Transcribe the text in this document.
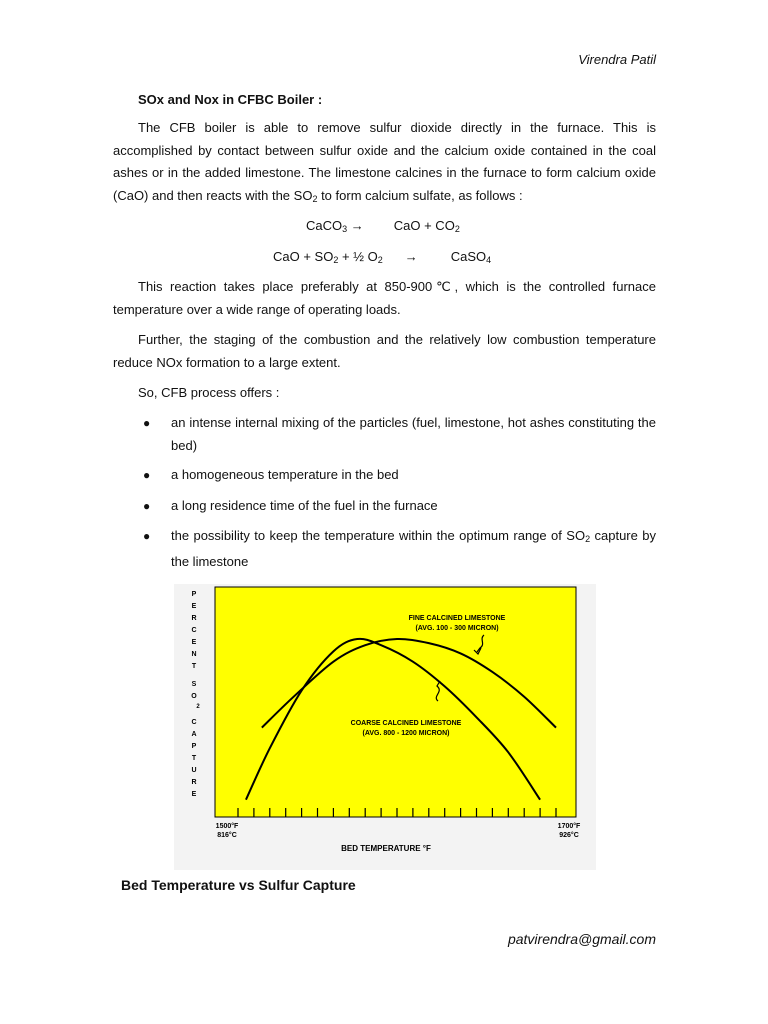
Virendra Patil
SOx and Nox in CFBC Boiler :
The CFB boiler is able to remove sulfur dioxide directly in the furnace. This is accomplished by contact between sulfur oxide and the calcium oxide contained in the coal ashes or in the added limestone. The limestone calcines in the furnace to form calcium oxide (CaO) and then reacts with the $SO_2$ to form calcium sulfate, as follows :
CaCO$_3$ → CaO + $CO_2$
CaO + $SO_2$ + ½ $O_2$ →	CaSO$_4$
This reaction takes place preferably at 850-900℃, which is the controlled furnace temperature over a wide range of operating loads.
Further, the staging of the combustion and the relatively low combustion temperature reduce NOx formation to a large extent.
So, CFB process offers :
● an intense internal mixing of the particles (fuel, limestone, hot ashes constituting the bed)
● a homogeneous temperature in the bed
● a long residence time of the fuel in the furnace
● the possibility to keep the temperature within the optimum range of $SO_2$ capture by the limestone
P
E
R
C
E
N
T
S
O
2
C
A
P
T
U
R
E
FINE CALCINED LIMESTONE
(AVG. 100 - 300 MICRON)
COARSE CALCINED LIMESTONE
(AVG. 800 - 1200 MICRON)
1500°F
816°C
1700°F
926°C
BED TEMPERATURE °F
Bed Temperature vs Sulfur Capture
patvirendra@gmail.com
